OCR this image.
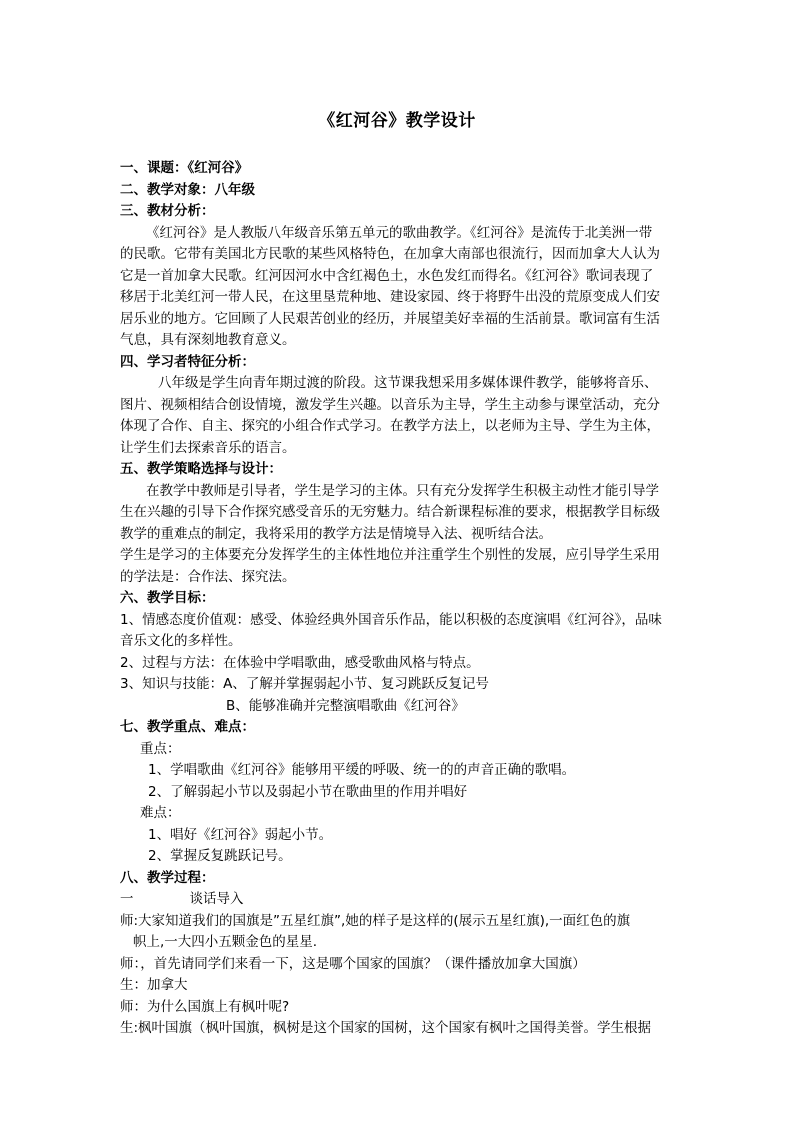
《红河谷》教学设计
一、课题：《红河谷》
二、教学对象：八年级
三、教材分析：
《红河谷》是人教版八年级音乐第五单元的歌曲教学。《红河谷》是流传于北美洲一带
的民歌。它带有美国北方民歌的某些风格特色，在加拿大南部也很流行，因而加拿大人认为
它是一首加拿大民歌。红河因河水中含红褐色土，水色发红而得名。《红河谷》歌词表现了
移居于北美红河一带人民，在这里垦荒种地、建设家园、终于将野牛出没的荒原变成人们安
居乐业的地方。它回顾了人民艰苦创业的经历，并展望美好幸福的生活前景。歌词富有生活
气息，具有深刻地教育意义。
四、学习者特征分析：
八年级是学生向青年期过渡的阶段。这节课我想采用多媒体课件教学，能够将音乐、
图片、视频相结合创设情境，激发学生兴趣。以音乐为主导，学生主动参与课堂活动，充分
体现了合作、自主、探究的小组合作式学习。在教学方法上，以老师为主导、学生为主体，
让学生们去探索音乐的语言。
五、教学策略选择与设计：
在教学中教师是引导者，学生是学习的主体。只有充分发挥学生积极主动性才能引导学
生在兴趣的引导下合作探究感受音乐的无穷魅力。结合新课程标准的要求，根据教学目标级
教学的重难点的制定，我将采用的教学方法是情境导入法、视听结合法。
学生是学习的主体要充分发挥学生的主体性地位并注重学生个别性的发展，应引导学生采用
的学法是：合作法、探究法。
六、教学目标：
1、情感态度价值观：感受、体验经典外国音乐作品，能以积极的态度演唱《红河谷》，品味
音乐文化的多样性。
2、过程与方法：在体验中学唱歌曲，感受歌曲风格与特点。
3、知识与技能：A、了解并掌握弱起小节、复习跳跃反复记号
B、能够准确并完整演唱歌曲《红河谷》
七、教学重点、难点：
重点：
1、学唱歌曲《红河谷》能够用平缓的呼吸、统一的的声音正确的歌唱。
2、了解弱起小节以及弱起小节在歌曲里的作用并唱好
难点：
1、唱好《红河谷》弱起小节。
2、掌握反复跳跃记号。
八、教学过程：
一	谈话导入
师:大家知道我们的国旗是”五星红旗”,她的样子是这样的(展示五星红旗),一面红色的旗
帜上,一大四小五颗金色的星星.
师：，首先请同学们来看一下，这是哪个国家的国旗？（课件播放加拿大国旗）
生：加拿大
师：为什么国旗上有枫叶呢?
生:枫叶国旗（枫叶国旗，枫树是这个国家的国树，这个国家有枫叶之国得美誉。学生根据
